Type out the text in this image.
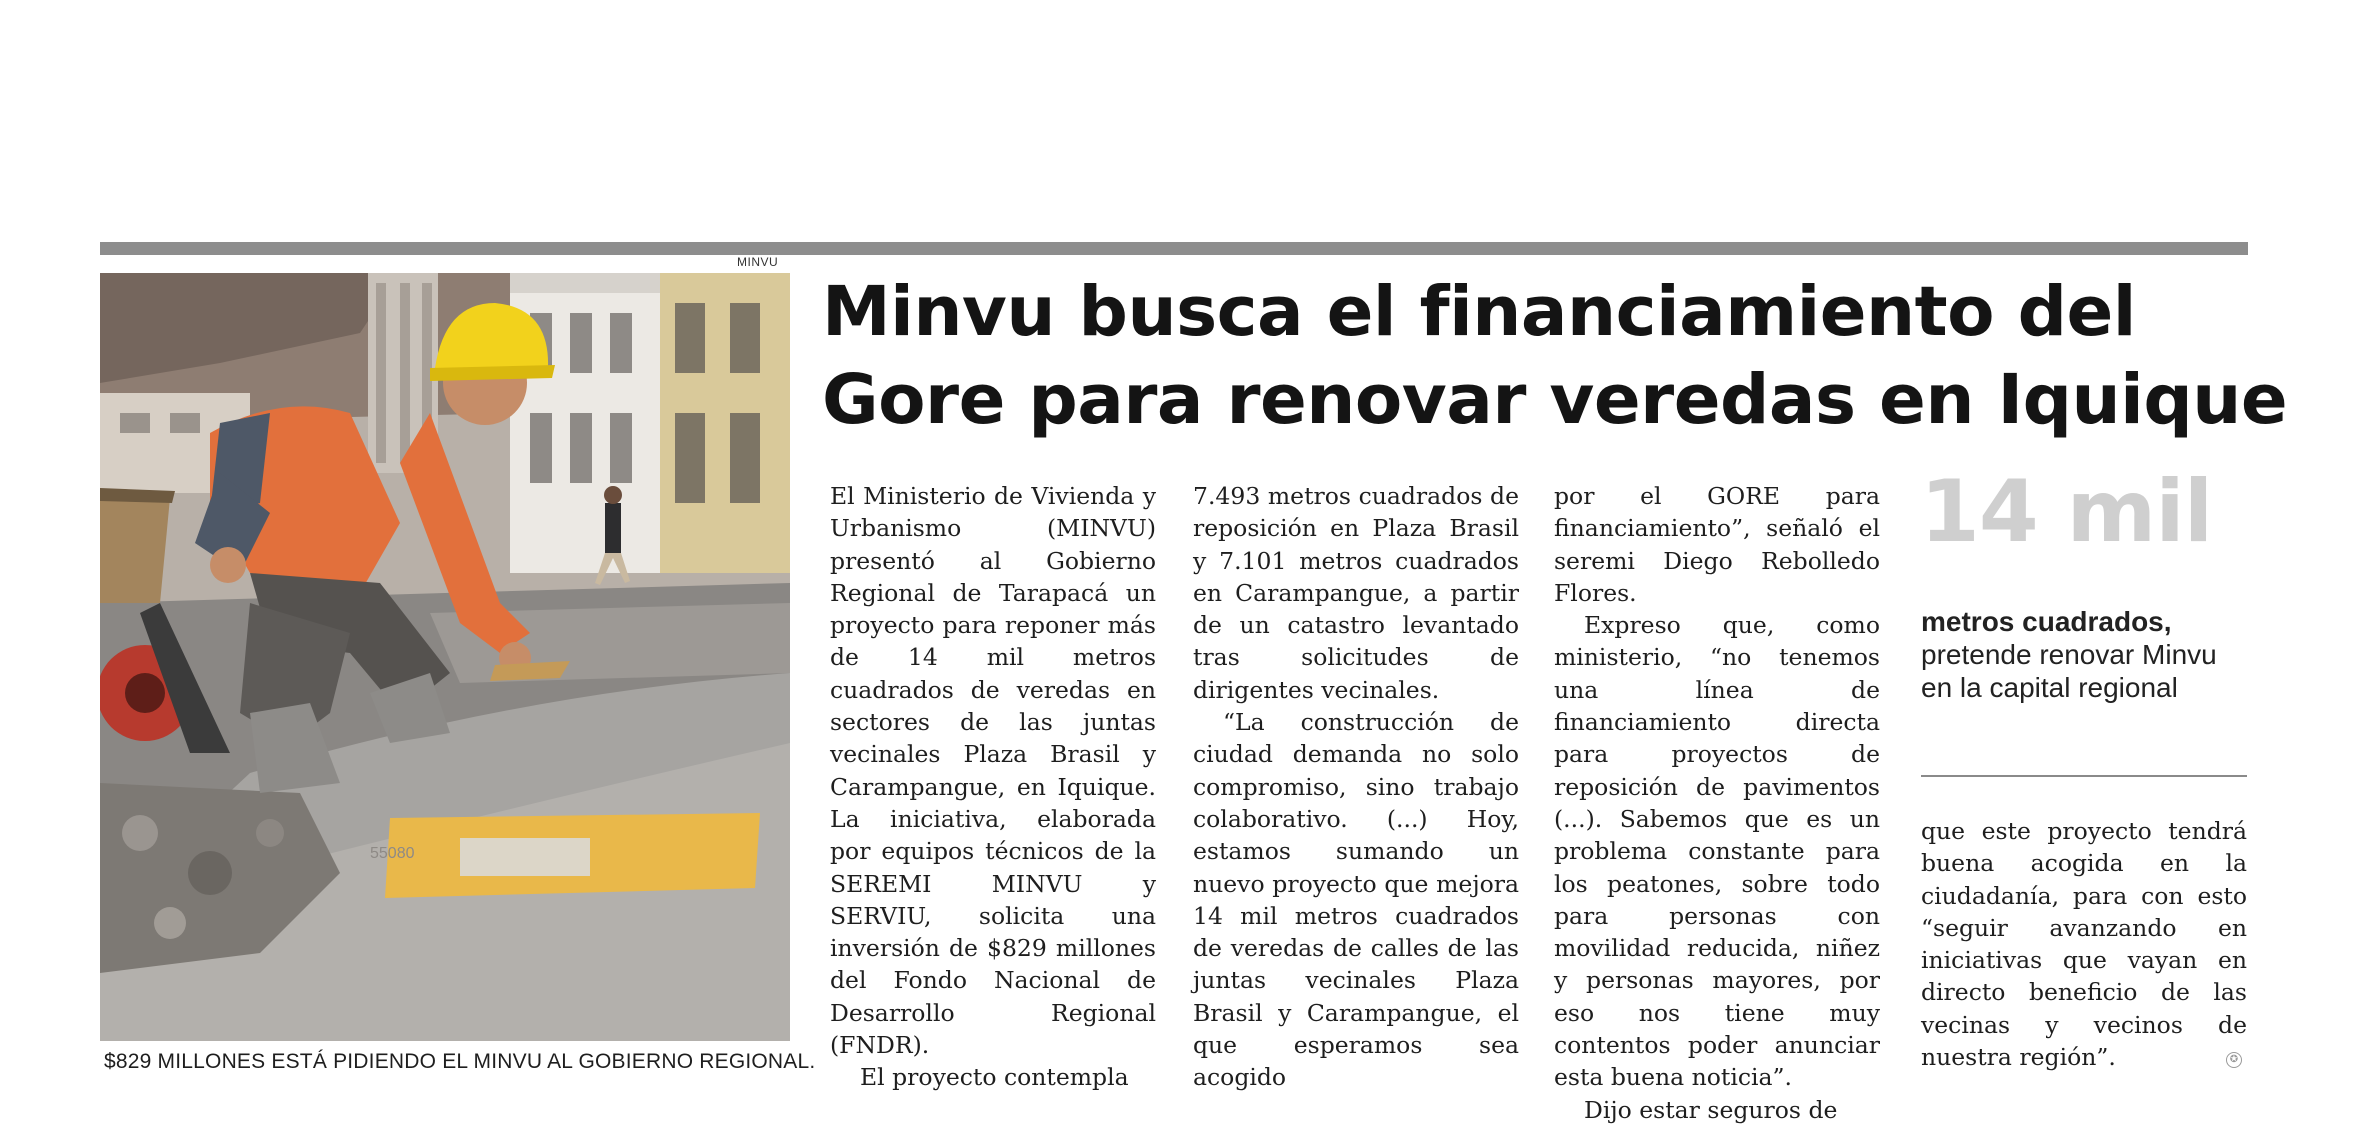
MINVU
55080
$829 MILLONES ESTÁ PIDIENDO EL MINVU AL GOBIERNO REGIONAL.
Minvu busca el financiamiento del
Gore para renovar veredas en Iquique

El Ministerio de Vivienda y Urbanismo (MINVU) presentó al Gobierno Regional de Tarapacá un proyecto para reponer más de 14 mil metros cuadrados de veredas en sectores de las juntas vecinales Plaza Brasil y Carampangue, en Iquique. La iniciativa, elaborada por equipos técnicos de la SEREMI MINVU y SERVIU, solicita una inversión de $829 millones del Fondo Nacional de Desarrollo Regional (FNDR).

El proyecto contempla

7.493 metros cuadrados de reposición en Plaza Brasil y 7.101 metros cuadrados en Carampangue, a partir de un catastro levantado tras solicitudes de dirigentes vecinales.

“La construcción de ciudad demanda no solo compromiso, sino trabajo colaborativo. (...) Hoy, estamos sumando un nuevo proyecto que mejora 14 mil metros cuadrados de veredas de calles de las juntas vecinales Plaza Brasil y Carampangue, el que esperamos sea acogido

por el GORE para financiamiento”, señaló el seremi Diego Rebolledo Flores.

Expreso que, como ministerio, “no tenemos una línea de financiamiento directa para proyectos de reposición de pavimentos (...). Sabemos que es un problema constante para los peatones, sobre todo para personas con movilidad reducida, niñez y personas mayores, por eso nos tiene muy contentos poder anunciar esta buena noticia”.

Dijo estar seguros de

14 mil
metros cuadrados, pretende renovar Minvu en la capital regional

que este proyecto tendrá buena acogida en la ciudadanía, para con esto “seguir avanzando en iniciativas que vayan en directo beneficio de las vecinas y vecinos de nuestra región”.	✪
